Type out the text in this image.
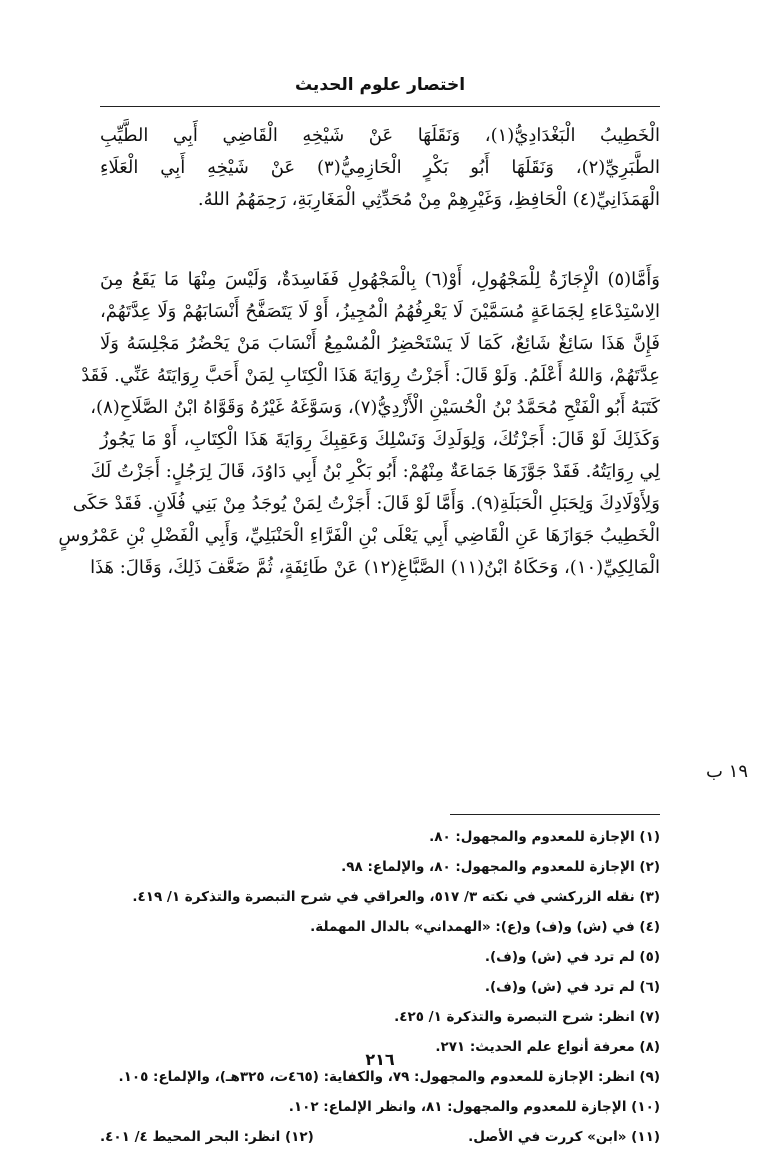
اختصار علوم الحديث
الْخَطِيبُ الْبَغْدَادِيُّ(١)، وَنَقَلَهَا عَنْ شَيْخِهِ الْقَاضِي أَبِي الطَّيِّبِ
الطَّبَرِيِّ(٢)، وَنَقَلَهَا أَبُو بَكْرٍ الْحَازِمِيُّ(٣) عَنْ شَيْخِهِ أَبِي الْعَلَاءِ
الْهَمَذَانِيِّ(٤) الْحَافِظِ، وَغَيْرِهِمْ مِنْ مُحَدِّثِي الْمَغَارِبَةِ، رَحِمَهُمُ اللهُ.
وَأَمَّا(٥) الْإِجَازَةُ لِلْمَجْهُولِ، أَوْ(٦) بِالْمَجْهُولِ فَفَاسِدَةٌ، وَلَيْسَ مِنْهَا مَا يَقَعُ مِنَ
الِاسْتِدْعَاءِ لِجَمَاعَةٍ مُسَمَّيْنَ لَا يَعْرِفُهُمُ الْمُجِيزُ، أَوْ لَا يَتَصَفَّحُ أَنْسَابَهُمْ وَلَا عِدَّتَهُمْ،
فَإِنَّ هَذَا سَائِغٌ شَائِعٌ، كَمَا لَا يَسْتَحْضِرُ الْمُسْمِعُ أَنْسَابَ مَنْ يَحْضُرُ مَجْلِسَهُ وَلَا
عِدَّتَهُمْ، وَاللهُ أَعْلَمُ. وَلَوْ قَالَ: أَجَزْتُ رِوَايَةَ هَذَا الْكِتَابِ لِمَنْ أَحَبَّ رِوَايَتَهُ عَنِّي. فَقَدْ
كَتَبَهُ أَبُو الْفَتْحِ مُحَمَّدُ بْنُ الْحُسَيْنِ الْأَزْدِيُّ(٧)، وَسَوَّغَهُ غَيْرُهُ وَقَوَّاهُ ابْنُ الصَّلَاحِ(٨)،
وَكَذَلِكَ لَوْ قَالَ: أَجَزْتُكَ، وَلِوَلَدِكَ وَنَسْلِكَ وَعَقِبِكَ رِوَايَةَ هَذَا الْكِتَابِ، أَوْ مَا يَجُوزُ
لِي رِوَايَتُهُ. فَقَدْ جَوَّزَهَا جَمَاعَةٌ مِنْهُمْ: أَبُو بَكْرِ بْنُ أَبِي دَاوُدَ، قَالَ لِرَجُلٍ: أَجَزْتُ لَكَ
وَلِأَوْلَادِكَ وَلِحَبَلِ الْحَبَلَةِ(٩). وَأَمَّا لَوْ قَالَ: أَجَزْتُ لِمَنْ يُوجَدُ مِنْ بَنِي فُلَانٍ. فَقَدْ حَكَى
الْخَطِيبُ جَوَازَهَا عَنِ الْقَاضِي أَبِي يَعْلَى بْنِ الْفَرَّاءِ الْحَنْبَلِيِّ، وَأَبِي الْفَضْلِ بْنِ عَمْرُوسٍ
الْمَالِكِيِّ(١٠)، وَحَكَاهُ ابْنُ(١١) الصَّبَّاغِ(١٢) عَنْ طَائِفَةٍ، ثُمَّ ضَعَّفَ ذَلِكَ، وَقَالَ: هَذَا
١٩ ب
(١) الإجازة للمعدوم والمجهول: ٨٠.
(٢) الإجازة للمعدوم والمجهول: ٨٠، والإلماع: ٩٨.
(٣) نقله الزركشي في نكته ٣/ ٥١٧، والعراقي في شرح التبصرة والتذكرة ١/ ٤١٩.
(٤) في (ش) و(ف) و(ع): «الهمداني» بالدال المهملة.
(٥) لم ترد في (ش) و(ف).
(٦) لم ترد في (ش) و(ف).
(٧) انظر: شرح التبصرة والتذكرة ١/ ٤٢٥.
(٨) معرفة أنواع علم الحديث: ٢٧١.
(٩) انظر: الإجازة للمعدوم والمجهول: ٧٩، والكفاية: (٤٦٥ت، ٣٢٥هـ)، والإلماع: ١٠٥.
(١٠) الإجازة للمعدوم والمجهول: ٨١، وانظر الإلماع: ١٠٢.
(١١) «ابن» كررت في الأصل.
(١٢) انظر: البحر المحيط ٤/ ٤٠١.
٢١٦
